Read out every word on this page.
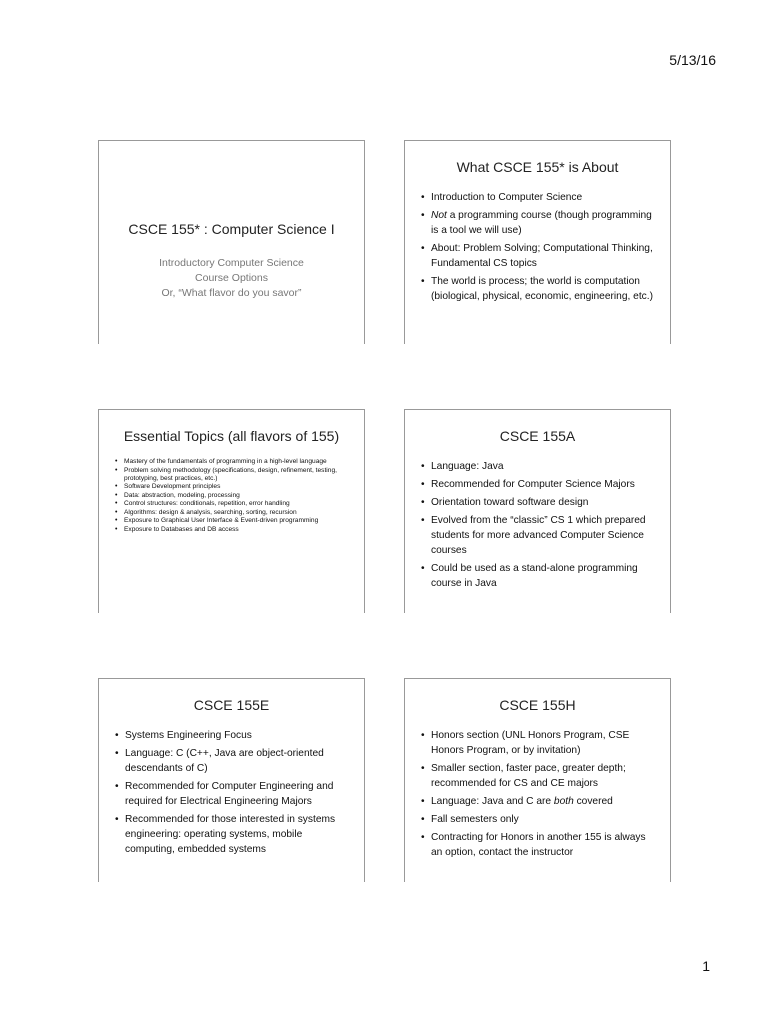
5/13/16
CSCE 155* : Computer Science I
Introductory Computer Science
Course Options
Or, “What flavor do you savor”
What CSCE 155* is About
• Introduction to Computer Science
• Not a programming course (though programming is a tool we will use)
• About: Problem Solving; Computational Thinking, Fundamental CS topics
• The world is process; the world is computation (biological, physical, economic, engineering, etc.)
Essential Topics (all flavors of 155)
• Mastery of the fundamentals of programming in a high-level language
• Problem solving methodology (specifications, design, refinement, testing, prototyping, best practices, etc.)
• Software Development principles
• Data: abstraction, modeling, processing
• Control structures: conditionals, repetition, error handling
• Algorithms: design & analysis, searching, sorting, recursion
• Exposure to Graphical User Interface & Event-driven programming
• Exposure to Databases and DB access
CSCE 155A
• Language: Java
• Recommended for Computer Science Majors
• Orientation toward software design
• Evolved from the “classic” CS 1 which prepared students for more advanced Computer Science courses
• Could be used as a stand-alone programming course in Java
CSCE 155E
• Systems Engineering Focus
• Language: C (C++, Java are object-oriented descendants of C)
• Recommended for Computer Engineering and required for Electrical Engineering Majors
• Recommended for those interested in systems engineering: operating systems, mobile computing, embedded systems
CSCE 155H
• Honors section (UNL Honors Program, CSE Honors Program, or by invitation)
• Smaller section, faster pace, greater depth; recommended for CS and CE majors
• Language: Java and C are both covered
• Fall semesters only
• Contracting for Honors in another 155 is always an option, contact the instructor
1
